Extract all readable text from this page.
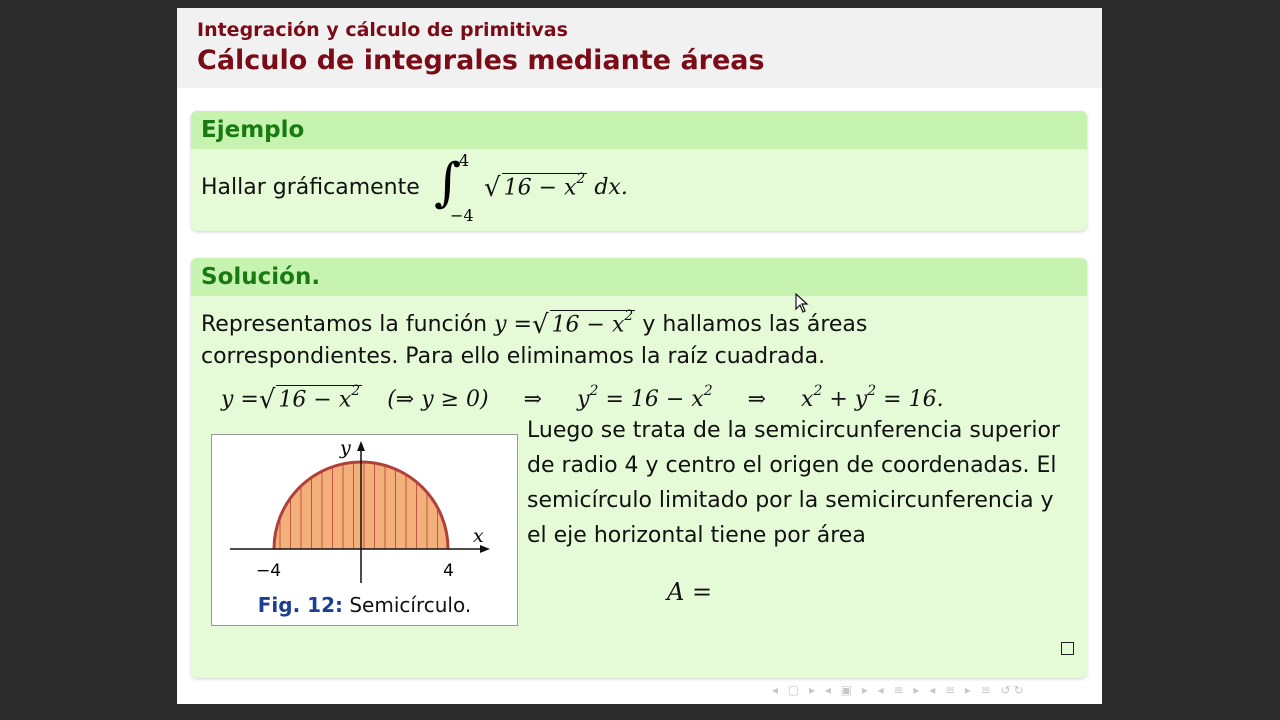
Integración y cálculo de primitivas
Cálculo de integrales mediante áreas
Ejemplo
Hallar gráficamente ∫
4
−4
√ $16 - x^2$ dx.
Solución.
Representamos la función y =√ $16 - x^2$ y hallamos las áreas
correspondientes. Para ello eliminamos la raíz cuadrada.
y =√ $16 - x^2$ (⇒ y ≥ 0) ⇒ $y^2 = 16 - x^2$ ⇒ $x^2 + y^2 = 16$.
Luego se trata de la semicircunferencia superior
de radio 4 y centro el origen de coordenadas. El
semicírculo limitado por la semicircunferencia y
el eje horizontal tiene por área
A =
y
x
−4	4
Fig. 12: Semicírculo.
◂ ▢ ▸ ◂ ▣ ▸ ◂ ≡ ▸ ◂ ≡ ▸ ≡ ↺↻
